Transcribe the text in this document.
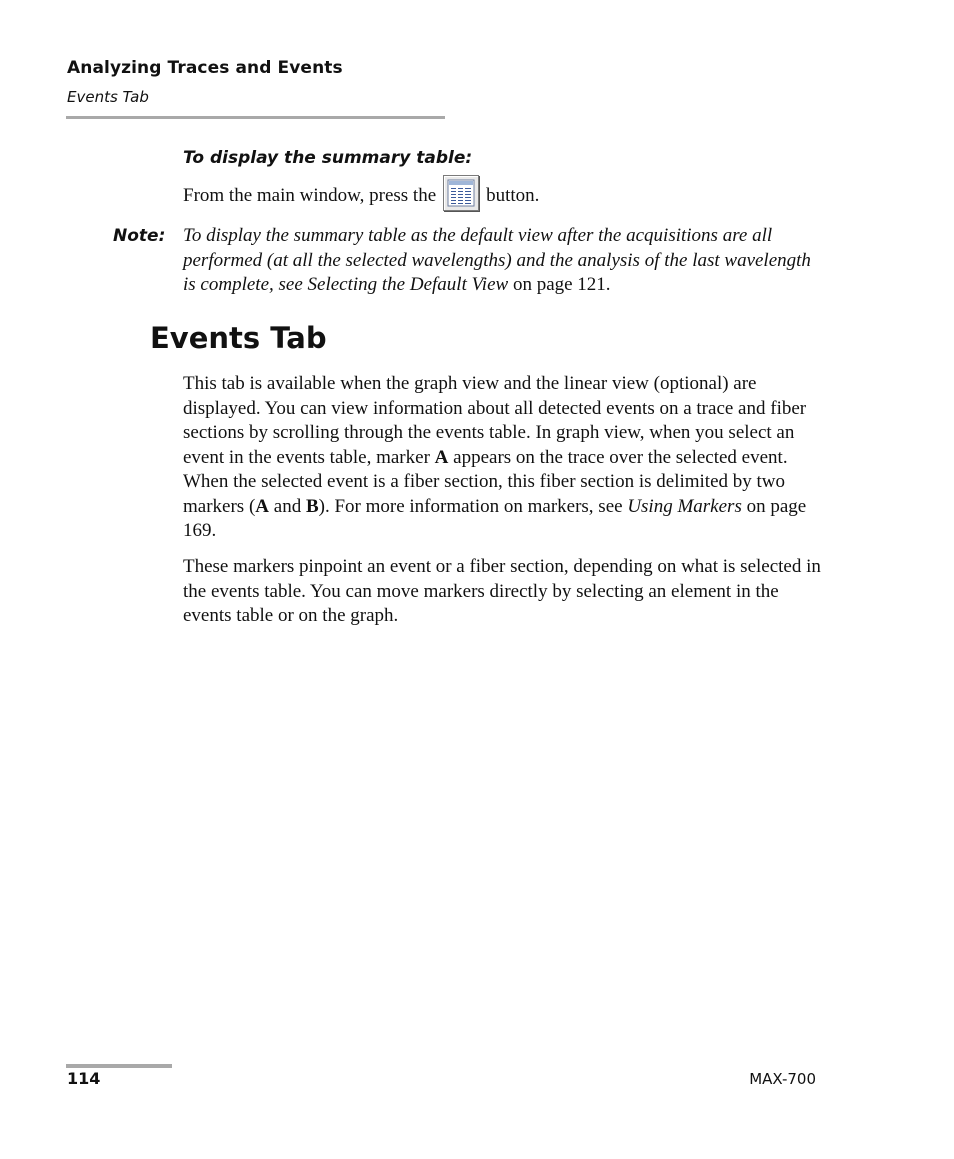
Analyzing Traces and Events
Events Tab
To display the summary table:
From the main window, press the	button.
Note: To display the summary table as the default view after the acquisitions are all performed (at all the selected wavelengths) and the analysis of the last wavelength is complete, see Selecting the Default View on page 121.
Events Tab

This tab is available when the graph view and the linear view (optional) are displayed. You can view information about all detected events on a trace and fiber sections by scrolling through the events table. In graph view, when you select an event in the events table, marker A appears on the trace over the selected event. When the selected event is a fiber section, this fiber section is delimited by two markers (A and B). For more information on markers, see Using Markers on page 169.

These markers pinpoint an event or a fiber section, depending on what is selected in the events table. You can move markers directly by selecting an element in the events table or on the graph.

114	MAX-700
